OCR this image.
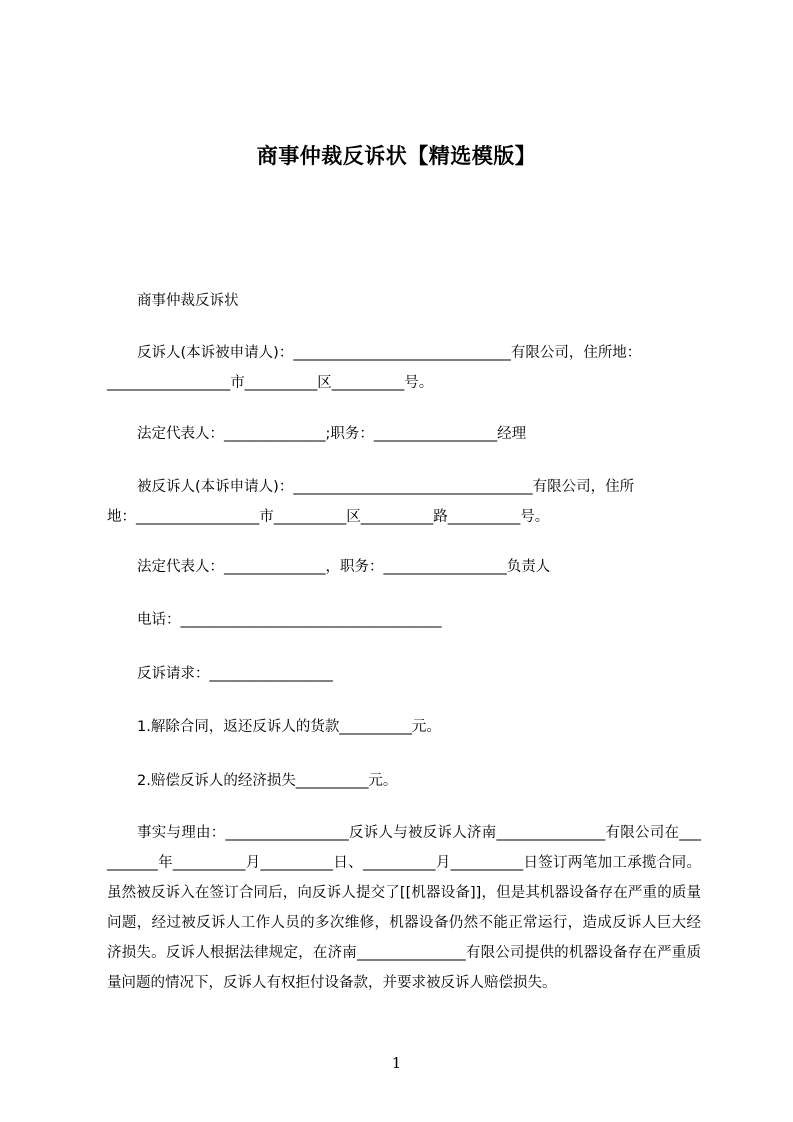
商事仲裁反诉状【精选模版】
商事仲裁反诉状
反诉人(本诉被申请人)：______________________________有限公司，住所地：
_________________市__________区__________号。
法定代表人：______________;职务：_________________经理
被反诉人(本诉申请人)：_________________________________有限公司，住所
地：_________________市__________区__________路__________号。
法定代表人：______________，职务：_________________负责人
电话：____________________________________
反诉请求：_________________
1.解除合同，返还反诉人的货款__________元。
2.赔偿反诉人的经济损失__________元。
事实与理由：_________________反诉人与被反诉人济南_______________有限公司在__________年__________月__________日、__________月__________日签订两笔加工承揽合同。虽然被反诉入在签订合同后，向反诉人提交了[[机器设备]]，但是其机器设备存在严重的质量问题，经过被反诉人工作人员的多次维修，机器设备仍然不能正常运行，造成反诉人巨大经济损失。反诉人根据法律规定，在济南_______________有限公司提供的机器设备存在严重质量问题的情况下，反诉人有权拒付设备款，并要求被反诉人赔偿损失。
1
